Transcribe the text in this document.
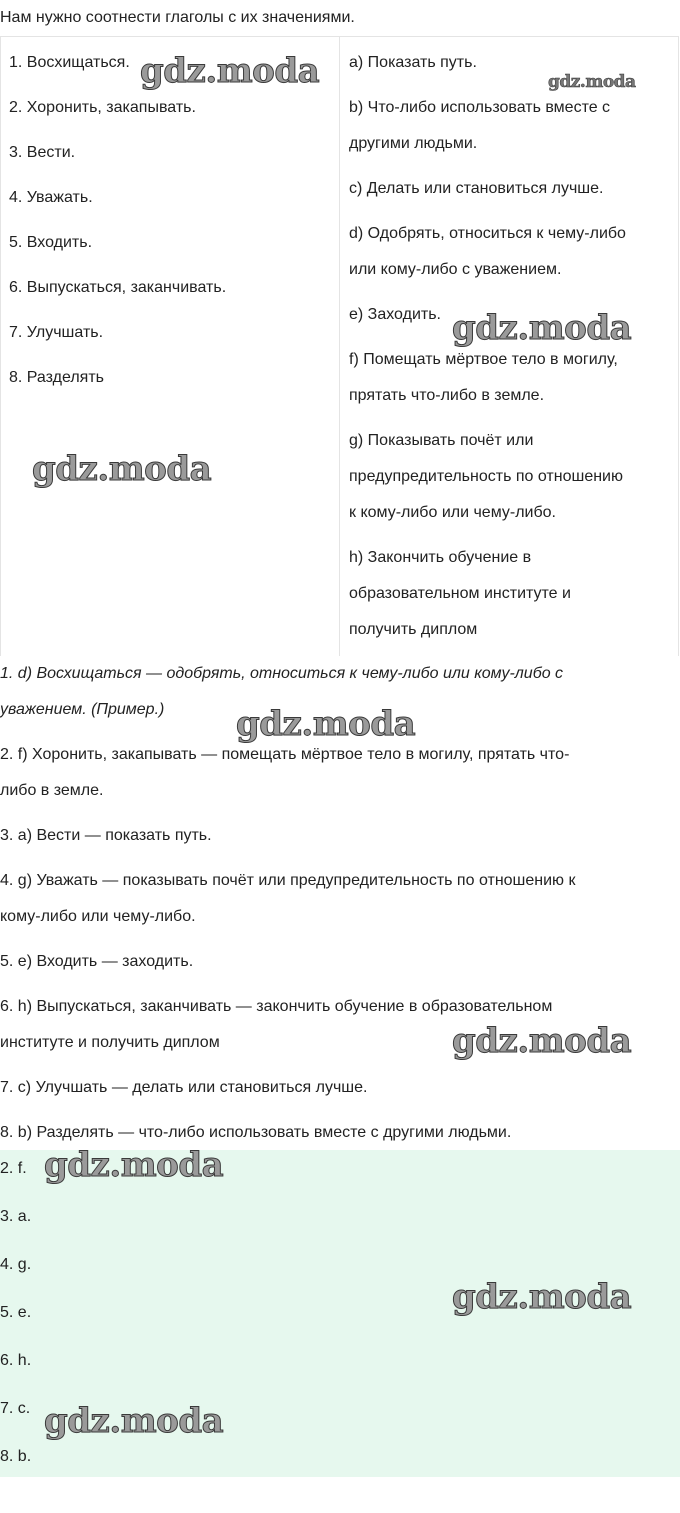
Нам нужно соотнести глаголы с их значениями.
1. Восхищаться.
2. Хоронить, закапывать.
3. Вести.
4. Уважать.
5. Входить.
6. Выпускаться, заканчивать.
7. Улучшать.
8. Разделять
a) Показать путь.
b) Что-либо использовать вместе с
другими людьми.
c) Делать или становиться лучше.
d) Одобрять, относиться к чему-либо
или кому-либо с уважением.
e) Заходить.
f) Помещать мёртвое тело в могилу,
прятать что-либо в земле.
g) Показывать почёт или
предупредительность по отношению
к кому-либо или чему-либо.
h) Закончить обучение в
образовательном институте и
получить диплом
1. d) Восхищаться — одобрять, относиться к чему-либо или кому-либо с
уважением. (Пример.)
2. f) Хоронить, закапывать — помещать мёртвое тело в могилу, прятать что-
либо в земле.
3. a) Вести — показать путь.
4. g) Уважать — показывать почёт или предупредительность по отношению к
кому-либо или чему-либо.
5. e) Входить — заходить.
6. h) Выпускаться, заканчивать — закончить обучение в образовательном
институте и получить диплом
7. c) Улучшать — делать или становиться лучше.
8. b) Разделять — что-либо использовать вместе с другими людьми.
2. f.
3. a.
4. g.
5. e.
6. h.
7. c.
8. b.
gdz.moda	gdz.moda
gdz.moda
gdz.moda
gdz.moda
gdz.moda
gdz.moda
gdz.moda
gdz.moda
